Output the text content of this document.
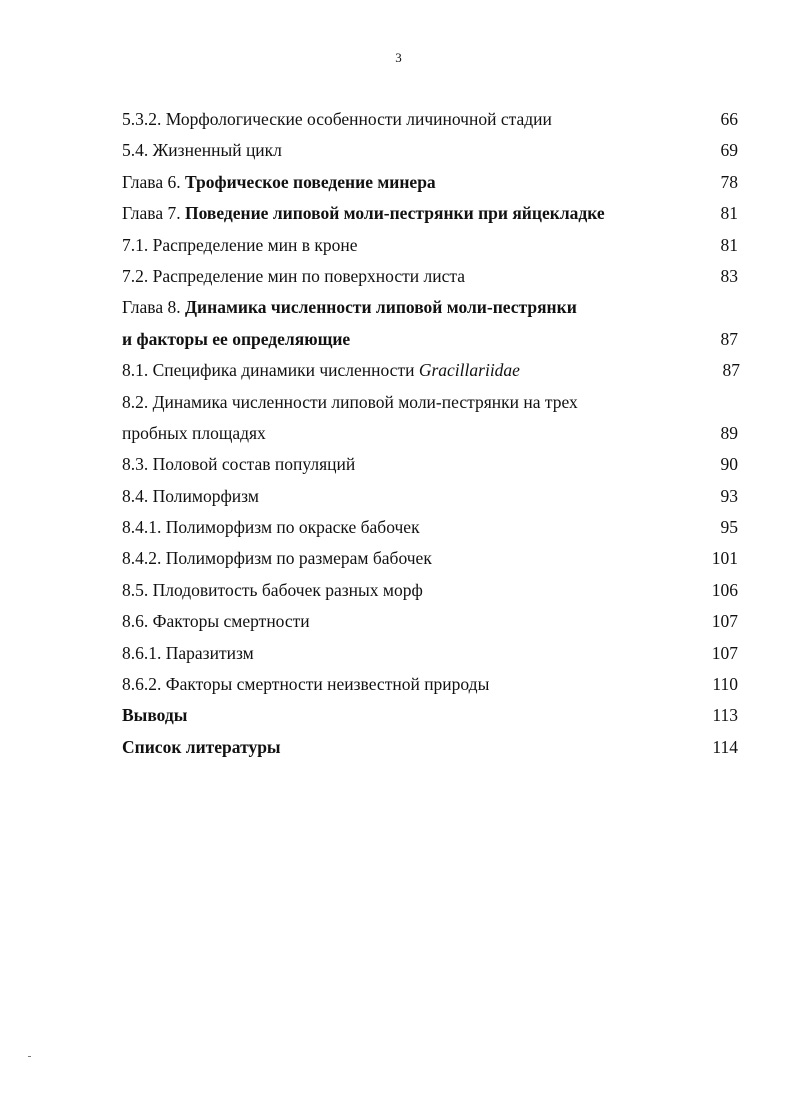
3
5.3.2. Морфологические особенности личиночной стадии	66
5.4. Жизненный цикл	69
Глава 6. Трофическое поведение минера	78
Глава 7. Поведение липовой моли-пестрянки при яйцекладке	81
7.1. Распределение мин в кроне	81
7.2. Распределение мин по поверхности листа	83
Глава 8. Динамика численности липовой моли-пестрянки
и факторы ее определяющие	87
8.1. Специфика динамики численности Gracillariidae	87
8.2. Динамика численности липовой моли-пестрянки на трех
пробных площадях	89
8.3. Половой состав популяций	90
8.4. Полиморфизм	93
8.4.1. Полиморфизм по окраске бабочек	95
8.4.2. Полиморфизм по размерам бабочек	101
8.5. Плодовитость бабочек разных морф	106
8.6. Факторы смертности	107
8.6.1. Паразитизм	107
8.6.2. Факторы смертности неизвестной природы	110
Выводы	113
Список литературы	114
